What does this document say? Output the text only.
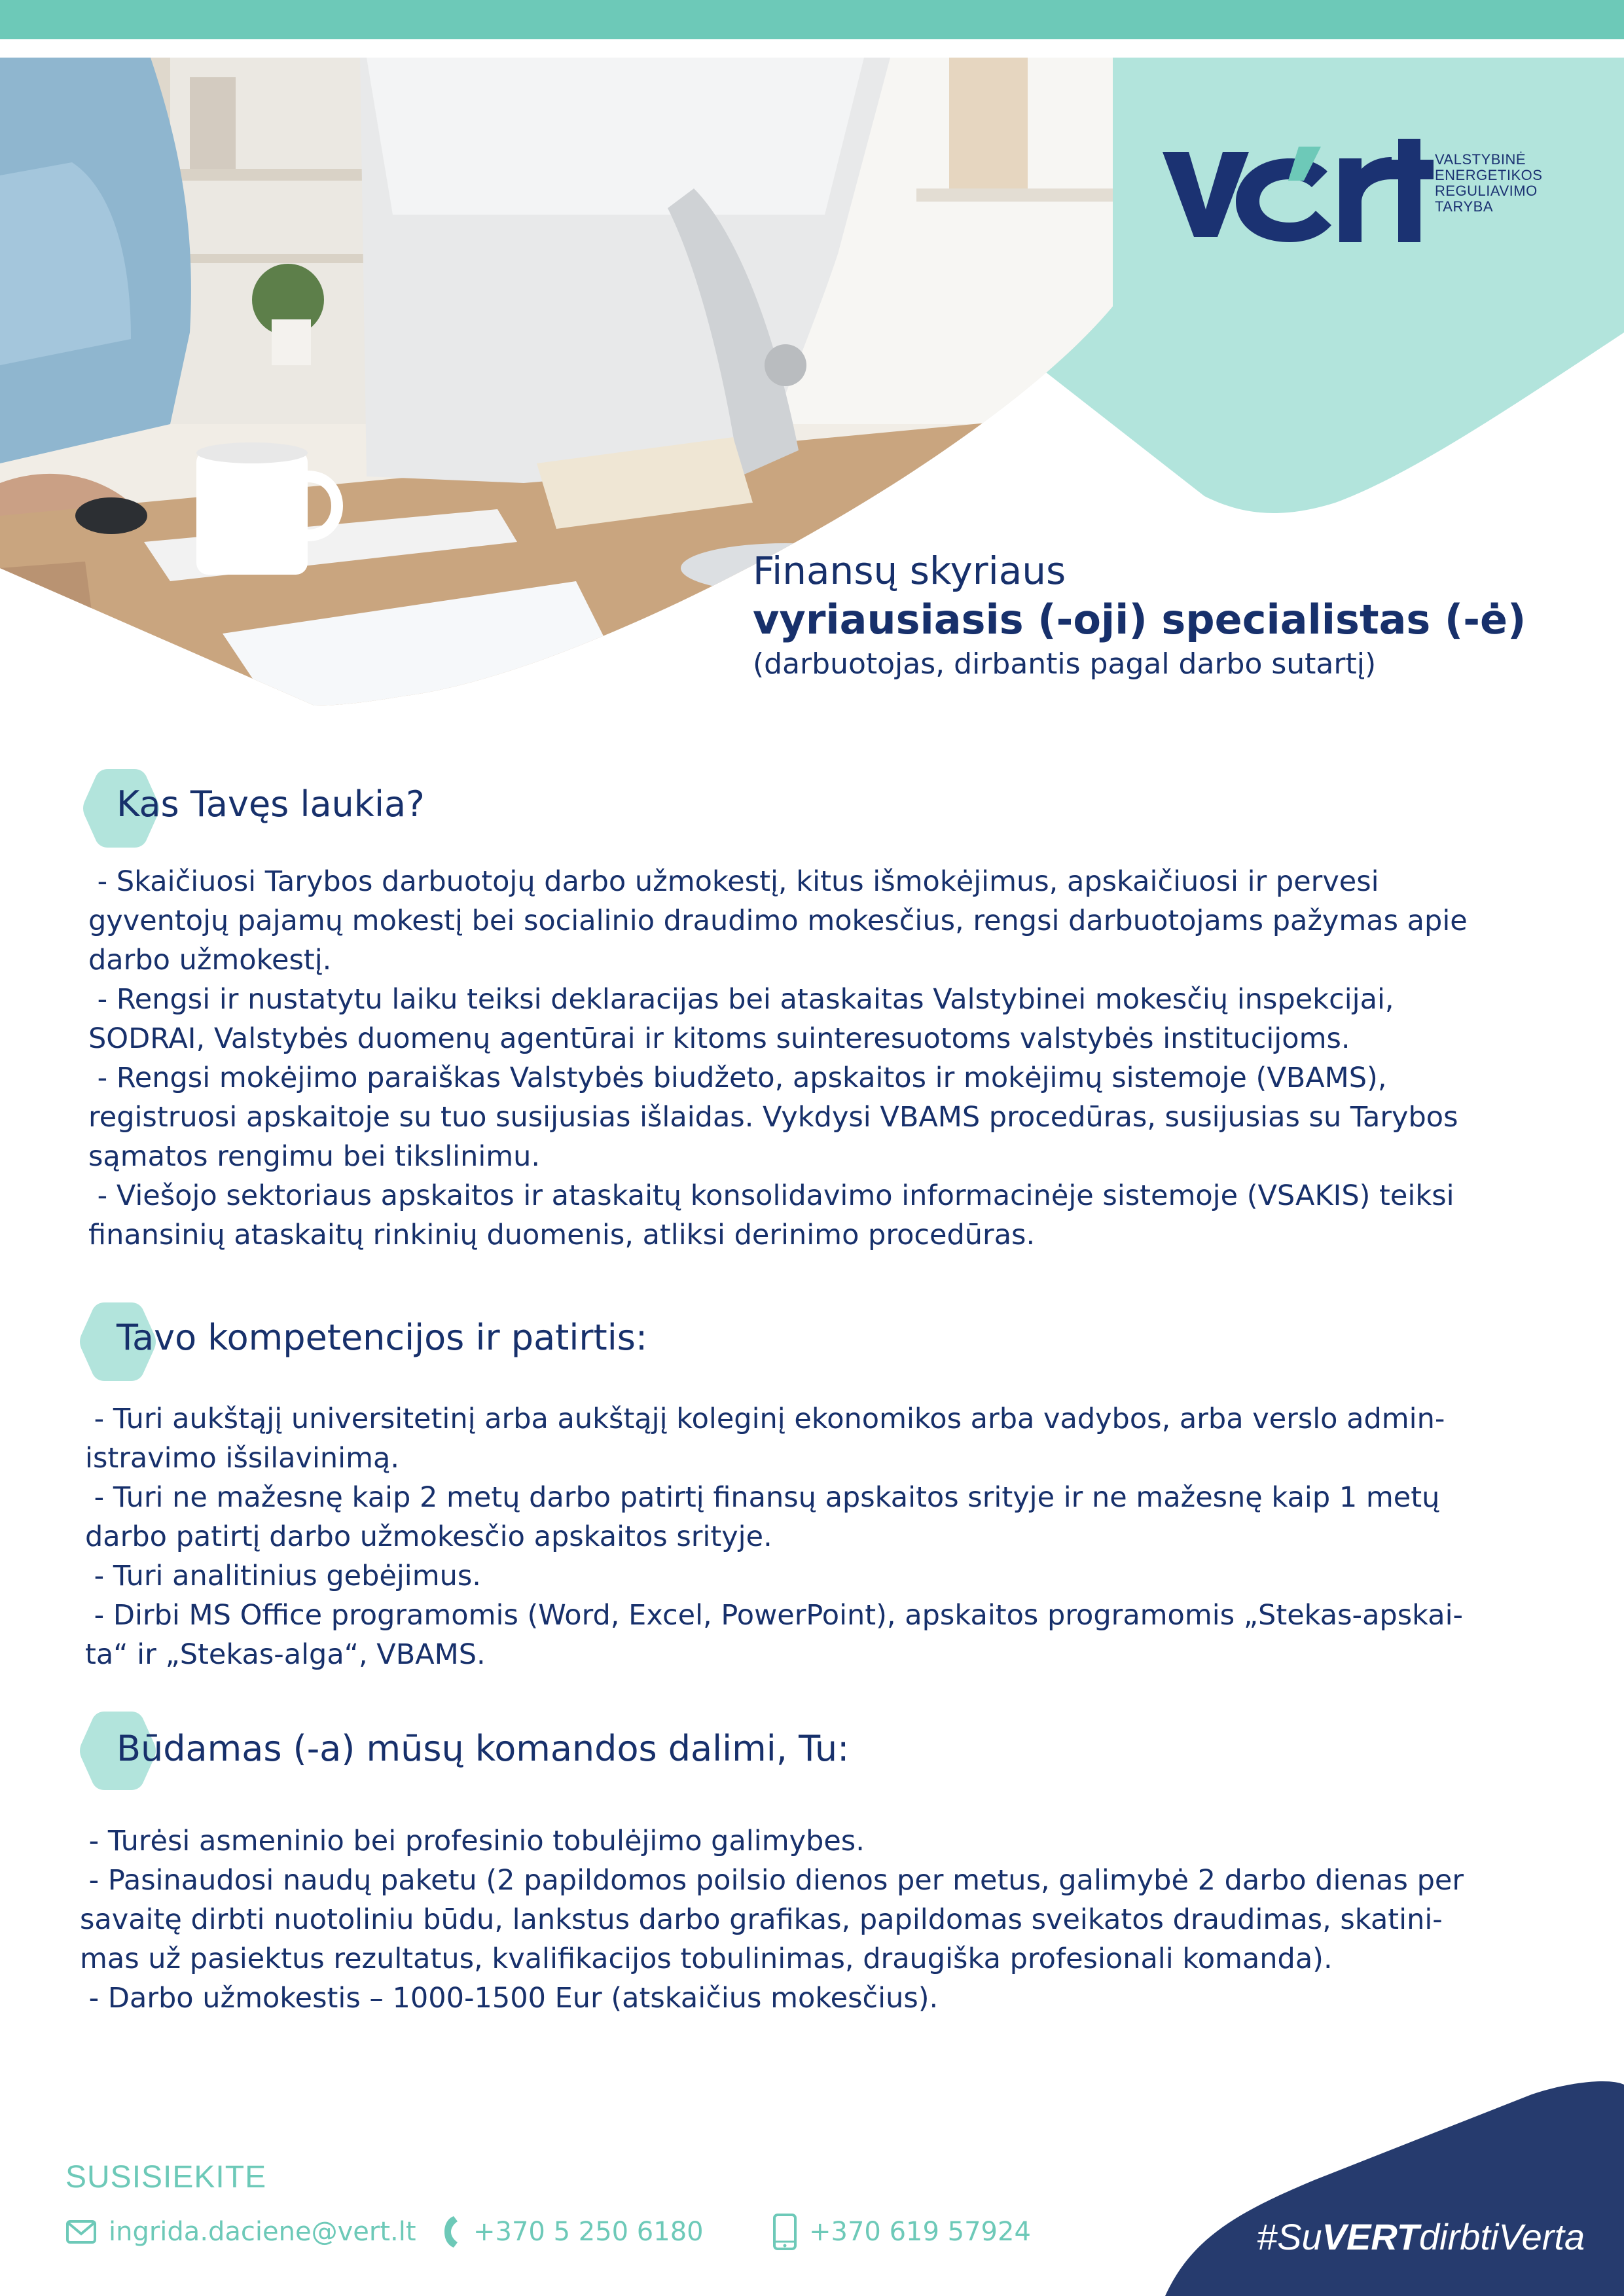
VALSTYBINĖ
ENERGETIKOS
REGULIAVIMO
TARYBA
Finansų skyriaus
vyriausiasis (-oji) specialistas (-ė)
(darbuotojas, dirbantis pagal darbo sutartį)
Kas Tavęs laukia?

- Skaičiuosi Tarybos darbuotojų darbo užmokestį, kitus išmokėjimus, apskaičiuosi ir pervesi

gyventojų pajamų mokestį bei socialinio draudimo mokesčius, rengsi darbuotojams pažymas apie

darbo užmokestį.

- Rengsi ir nustatytu laiku teiksi deklaracijas bei ataskaitas Valstybinei mokesčių inspekcijai,

SODRAI, Valstybės duomenų agentūrai ir kitoms suinteresuotoms valstybės institucijoms.

- Rengsi mokėjimo paraiškas Valstybės biudžeto, apskaitos ir mokėjimų sistemoje (VBAMS),

registruosi apskaitoje su tuo susijusias išlaidas. Vykdysi VBAMS procedūras, susijusias su Tarybos

sąmatos rengimu bei tikslinimu.

- Viešojo sektoriaus apskaitos ir ataskaitų konsolidavimo informacinėje sistemoje (VSAKIS) teiksi

finansinių ataskaitų rinkinių duomenis, atliksi derinimo procedūras.

Tavo kompetencijos ir patirtis:

- Turi aukštąjį universitetinį arba aukštąjį koleginį ekonomikos arba vadybos, arba verslo admin-

istravimo išsilavinimą.

- Turi ne mažesnę kaip 2 metų darbo patirtį finansų apskaitos srityje ir ne mažesnę kaip 1 metų

darbo patirtį darbo užmokesčio apskaitos srityje.

- Turi analitinius gebėjimus.

- Dirbi MS Office programomis (Word, Excel, PowerPoint), apskaitos programomis „Stekas-apskai-

ta“ ir „Stekas-alga“, VBAMS.

Būdamas (-a) mūsų komandos dalimi, Tu:

- Turėsi asmeninio bei profesinio tobulėjimo galimybes.

- Pasinaudosi naudų paketu (2 papildomos poilsio dienos per metus, galimybė 2 darbo dienas per

savaitę dirbti nuotoliniu būdu, lankstus darbo grafikas, papildomas sveikatos draudimas, skatini-

mas už pasiektus rezultatus, kvalifikacijos tobulinimas, draugiška profesionali komanda).

- Darbo užmokestis – 1000-1500 Eur (atskaičius mokesčius).

SUSISIEKITE
ingrida.daciene@vert.lt +370 5 250 6180	+370 619 57924	#SuVERTdirbtiVerta
